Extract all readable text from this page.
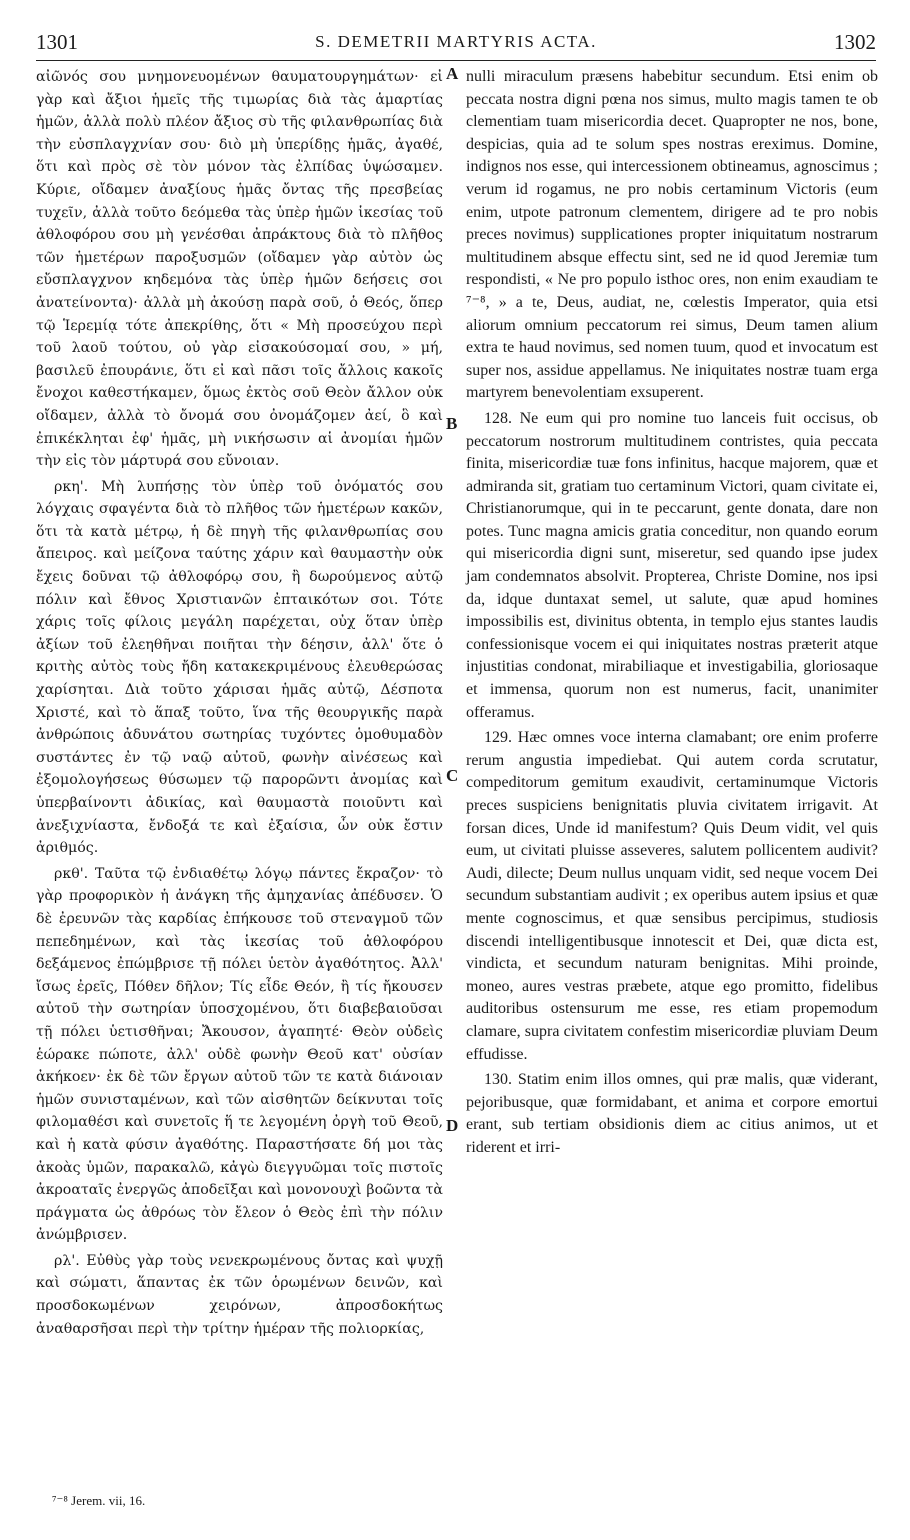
1301	S. DEMETRII MARTYRIS ACTA.	1302

αἰῶνός σου μνημονευομένων θαυματουργημάτων· εἰ γὰρ καὶ ἄξιοι ἡμεῖς τῆς τιμωρίας διὰ τὰς ἁμαρτίας ἡμῶν, ἀλλὰ πολὺ πλέον ἄξιος σὺ τῆς φιλανθρωπίας διὰ τὴν εὐσπλαγχνίαν σου· διὸ μὴ ὑπερίδῃς ἡμᾶς, ἀγαθέ, ὅτι καὶ πρὸς σὲ τὸν μόνον τὰς ἐλπίδας ὑψώσαμεν. Κύριε, οἴδαμεν ἀναξίους ἡμᾶς ὄντας τῆς πρεσβείας τυχεῖν, ἀλλὰ τοῦτο δεόμεθα τὰς ὑπὲρ ἡμῶν ἱκεσίας τοῦ ἀθλοφόρου σου μὴ γενέσθαι ἀπράκτους διὰ τὸ πλῆθος τῶν ἡμετέρων παροξυσμῶν (οἴδαμεν γὰρ αὐτὸν ὡς εὔσπλαγχνον κηδεμόνα τὰς ὑπὲρ ἡμῶν δεήσεις σοι ἀνατείνοντα)· ἀλλὰ μὴ ἀκούσῃ παρὰ σοῦ, ὁ Θεός, ὅπερ τῷ Ἱερεμίᾳ τότε ἀπεκρίθης, ὅτι « Μὴ προσεύχου περὶ τοῦ λαοῦ τούτου, οὐ γὰρ εἰσακούσομαί σου, » μή, βασιλεῦ ἐπουράνιε, ὅτι εἰ καὶ πᾶσι τοῖς ἄλλοις κακοῖς ἔνοχοι καθεστήκαμεν, ὅμως ἐκτὸς σοῦ Θεὸν ἄλλον οὐκ οἴδαμεν, ἀλλὰ τὸ ὄνομά σου ὀνομάζομεν ἀεί, ὃ καὶ ἐπικέκληται ἐφ' ἡμᾶς, μὴ νικήσωσιν αἱ ἀνομίαι ἡμῶν τὴν εἰς τὸν μάρτυρά σου εὔνοιαν.

ρκη'. Μὴ λυπήσῃς τὸν ὑπὲρ τοῦ ὀνόματός σου λόγχαις σφαγέντα διὰ τὸ πλῆθος τῶν ἡμετέρων κακῶν, ὅτι τὰ κατὰ μέτρῳ, ἡ δὲ πηγὴ τῆς φιλανθρωπίας σου ἄπειρος. καὶ μείζονα ταύτης χάριν καὶ θαυμαστὴν οὐκ ἔχεις δοῦναι τῷ ἀθλοφόρῳ σου, ἢ δωρούμενος αὐτῷ πόλιν καὶ ἔθνος Χριστιανῶν ἐπταικότων σοι. Τότε χάρις τοῖς φίλοις μεγάλη παρέχεται, οὐχ ὅταν ὑπὲρ ἀξίων τοῦ ἐλεηθῆναι ποιῆται τὴν δέησιν, ἀλλ' ὅτε ὁ κριτὴς αὐτὸς τοὺς ἤδη κατακεκριμένους ἐλευθερώσας χαρίσηται. Διὰ τοῦτο χάρισαι ἡμᾶς αὐτῷ, Δέσποτα Χριστέ, καὶ τὸ ἅπαξ τοῦτο, ἵνα τῆς θεουργικῆς παρὰ ἀνθρώποις ἀδυνάτου σωτηρίας τυχόντες ὁμοθυμαδὸν συστάντες ἐν τῷ ναῷ αὐτοῦ, φωνὴν αἰνέσεως καὶ ἐξομολογήσεως θύσωμεν τῷ παρορῶντι ἀνομίας καὶ ὑπερβαίνοντι ἀδικίας, καὶ θαυμαστὰ ποιοῦντι καὶ ἀνεξιχνίαστα, ἔνδοξά τε καὶ ἐξαίσια, ὧν οὐκ ἔστιν ἀριθμός.

ρκθ'. Ταῦτα τῷ ἐνδιαθέτῳ λόγῳ πάντες ἔκραζον· τὸ γὰρ προφορικὸν ἡ ἀνάγκη τῆς ἀμηχανίας ἀπέδυσεν. Ὁ δὲ ἐρευνῶν τὰς καρδίας ἐπήκουσε τοῦ στεναγμοῦ τῶν πεπεδημένων, καὶ τὰς ἱκεσίας τοῦ ἀθλοφόρου δεξάμενος ἐπώμβρισε τῇ πόλει ὑετὸν ἀγαθότητος. Ἀλλ' ἴσως ἐρεῖς, Πόθεν δῆλον; Τίς εἶδε Θεόν, ἢ τίς ἤκουσεν αὐτοῦ τὴν σωτηρίαν ὑποσχομένου, ὅτι διαβεβαιοῦσαι τῇ πόλει ὑετισθῆναι; Ἄκουσον, ἀγαπητέ· Θεὸν οὐδεὶς ἑώρακε πώποτε, ἀλλ' οὐδὲ φωνὴν Θεοῦ κατ' οὐσίαν ἀκήκοεν· ἐκ δὲ τῶν ἔργων αὐτοῦ τῶν τε κατὰ διάνοιαν ἡμῶν συνισταμένων, καὶ τῶν αἰσθητῶν δείκνυται τοῖς φιλομαθέσι καὶ συνετοῖς ἥ τε λεγομένη ὀργὴ τοῦ Θεοῦ, καὶ ἡ κατὰ φύσιν ἀγαθότης. Παραστήσατε δή μοι τὰς ἀκοὰς ὑμῶν, παρακαλῶ, κἀγὼ διεγγυῶμαι τοῖς πιστοῖς ἀκροαταῖς ἐνεργῶς ἀποδεῖξαι καὶ μονονουχὶ βοῶντα τὰ πράγματα ὡς ἀθρόως τὸν ἔλεον ὁ Θεὸς ἐπὶ τὴν πόλιν ἀνώμβρισεν.

ρλ'. Εὐθὺς γὰρ τοὺς νενεκρωμένους ὄντας καὶ ψυχῇ καὶ σώματι, ἅπαντας ἐκ τῶν ὁρωμένων δεινῶν, καὶ προσδοκωμένων χειρόνων, ἀπροσδοκήτως ἀναθαρσῆσαι περὶ τὴν τρίτην ἡμέραν τῆς πολιορκίας,

nulli miraculum præsens habebitur secundum. Etsi enim ob peccata nostra digni pœna nos simus, multo magis tamen te ob clementiam tuam misericordia decet. Quapropter ne nos, bone, despicias, quia ad te solum spes nostras ereximus. Domine, indignos nos esse, qui intercessionem obtineamus, agnoscimus ; verum id rogamus, ne pro nobis certaminum Victoris (eum enim, utpote patronum clementem, dirigere ad te pro nobis preces novimus) supplicationes propter iniquitatum nostrarum multitudinem absque effectu sint, sed ne id quod Jeremiæ tum respondisti, « Ne pro populo isthoc ores, non enim exaudiam te ⁷⁻⁸, » a te, Deus, audiat, ne, cœlestis Imperator, quia etsi aliorum omnium peccatorum rei simus, Deum tamen alium extra te haud novimus, sed nomen tuum, quod et invocatum est super nos, assidue appellamus. Ne iniquitates nostræ tuam erga martyrem benevolentiam exsuperent.

128. Ne eum qui pro nomine tuo lanceis fuit occisus, ob peccatorum nostrorum multitudinem contristes, quia peccata finita, misericordiæ tuæ fons infinitus, hacque majorem, quæ et admiranda sit, gratiam tuo certaminum Victori, quam civitate ei, Christianorumque, qui in te peccarunt, gente donata, dare non potes. Tunc magna amicis gratia conceditur, non quando eorum qui misericordia digni sunt, miseretur, sed quando ipse judex jam condemnatos absolvit. Propterea, Christe Domine, nos ipsi da, idque duntaxat semel, ut salute, quæ apud homines impossibilis est, divinitus obtenta, in templo ejus stantes laudis confessionisque vocem ei qui iniquitates nostras præterit atque injustitias condonat, mirabiliaque et investigabilia, gloriosaque et immensa, quorum non est numerus, facit, unanimiter offeramus.

129. Hæc omnes voce interna clamabant; ore enim proferre rerum angustia impediebat. Qui autem corda scrutatur, compeditorum gemitum exaudivit, certaminumque Victoris preces suspiciens benignitatis pluvia civitatem irrigavit. At forsan dices, Unde id manifestum? Quis Deum vidit, vel quis eum, ut civitati pluisse asseveres, salutem pollicentem audivit? Audi, dilecte; Deum nullus unquam vidit, sed neque vocem Dei secundum substantiam audivit ; ex operibus autem ipsius et quæ mente cognoscimus, et quæ sensibus percipimus, studiosis discendi intelligentibusque innotescit et Dei, quæ dicta est, vindicta, et secundum naturam benignitas. Mihi proinde, moneo, aures vestras præbete, atque ego promitto, fidelibus auditoribus ostensurum me esse, res etiam propemodum clamare, supra civitatem confestim misericordiæ pluviam Deum effudisse.

130. Statim enim illos omnes, qui præ malis, quæ viderant, pejoribusque, quæ formidabant, et anima et corpore emortui erant, sub tertiam obsidionis diem ac citius animos, ut et riderent et irri-

A
B
C
D
⁷⁻⁸ Jerem. vii, 16.
